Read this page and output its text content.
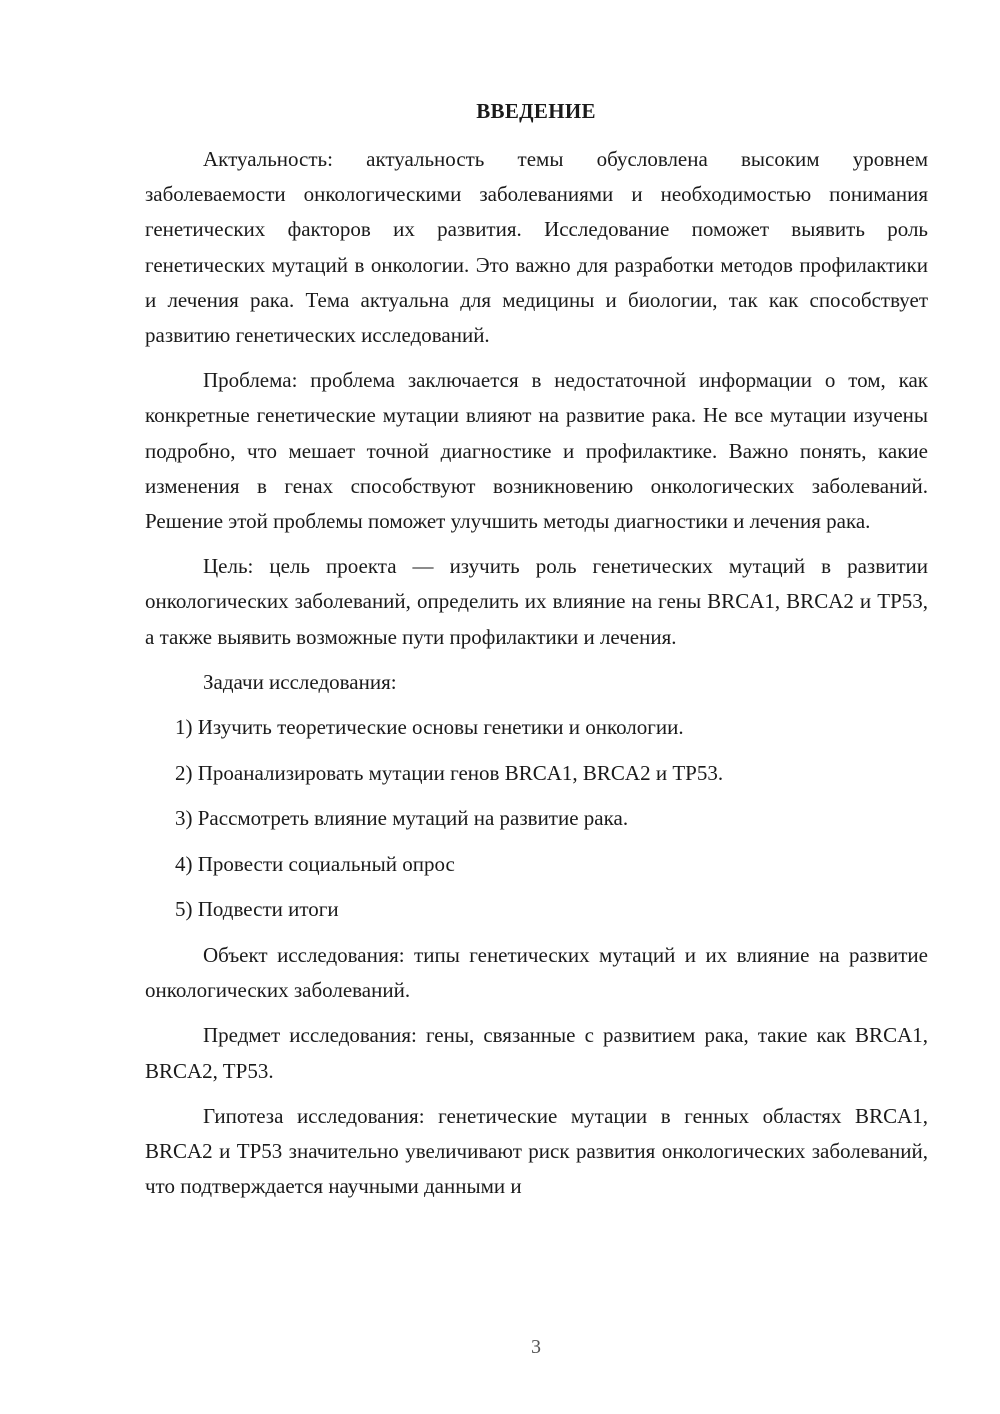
ВВЕДЕНИЕ

Актуальность: актуальность темы обусловлена высоким уровнем заболеваемости онкологическими заболеваниями и необходимостью понимания генетических факторов их развития. Исследование поможет выявить роль генетических мутаций в онкологии. Это важно для разработки методов профилактики и лечения рака. Тема актуальна для медицины и биологии, так как способствует развитию генетических исследований.

Проблема: проблема заключается в недостаточной информации о том, как конкретные генетические мутации влияют на развитие рака. Не все мутации изучены подробно, что мешает точной диагностике и профилактике. Важно понять, какие изменения в генах способствуют возникновению онкологических заболеваний. Решение этой проблемы поможет улучшить методы диагностики и лечения рака.

Цель: цель проекта — изучить роль генетических мутаций в развитии онкологических заболеваний, определить их влияние на гены BRCA1, BRCA2 и TP53, а также выявить возможные пути профилактики и лечения.

Задачи исследования:

1) Изучить теоретические основы генетики и онкологии.

2) Проанализировать мутации генов BRCA1, BRCA2 и TP53.

3) Рассмотреть влияние мутаций на развитие рака.

4) Провести социальный опрос

5) Подвести итоги

Объект исследования: типы генетических мутаций и их влияние на развитие онкологических заболеваний.

Предмет исследования: гены, связанные с развитием рака, такие как BRCA1, BRCA2, TP53.

Гипотеза исследования: генетические мутации в генных областях BRCA1, BRCA2 и TP53 значительно увеличивают риск развития онкологических заболеваний, что подтверждается научными данными и

3
